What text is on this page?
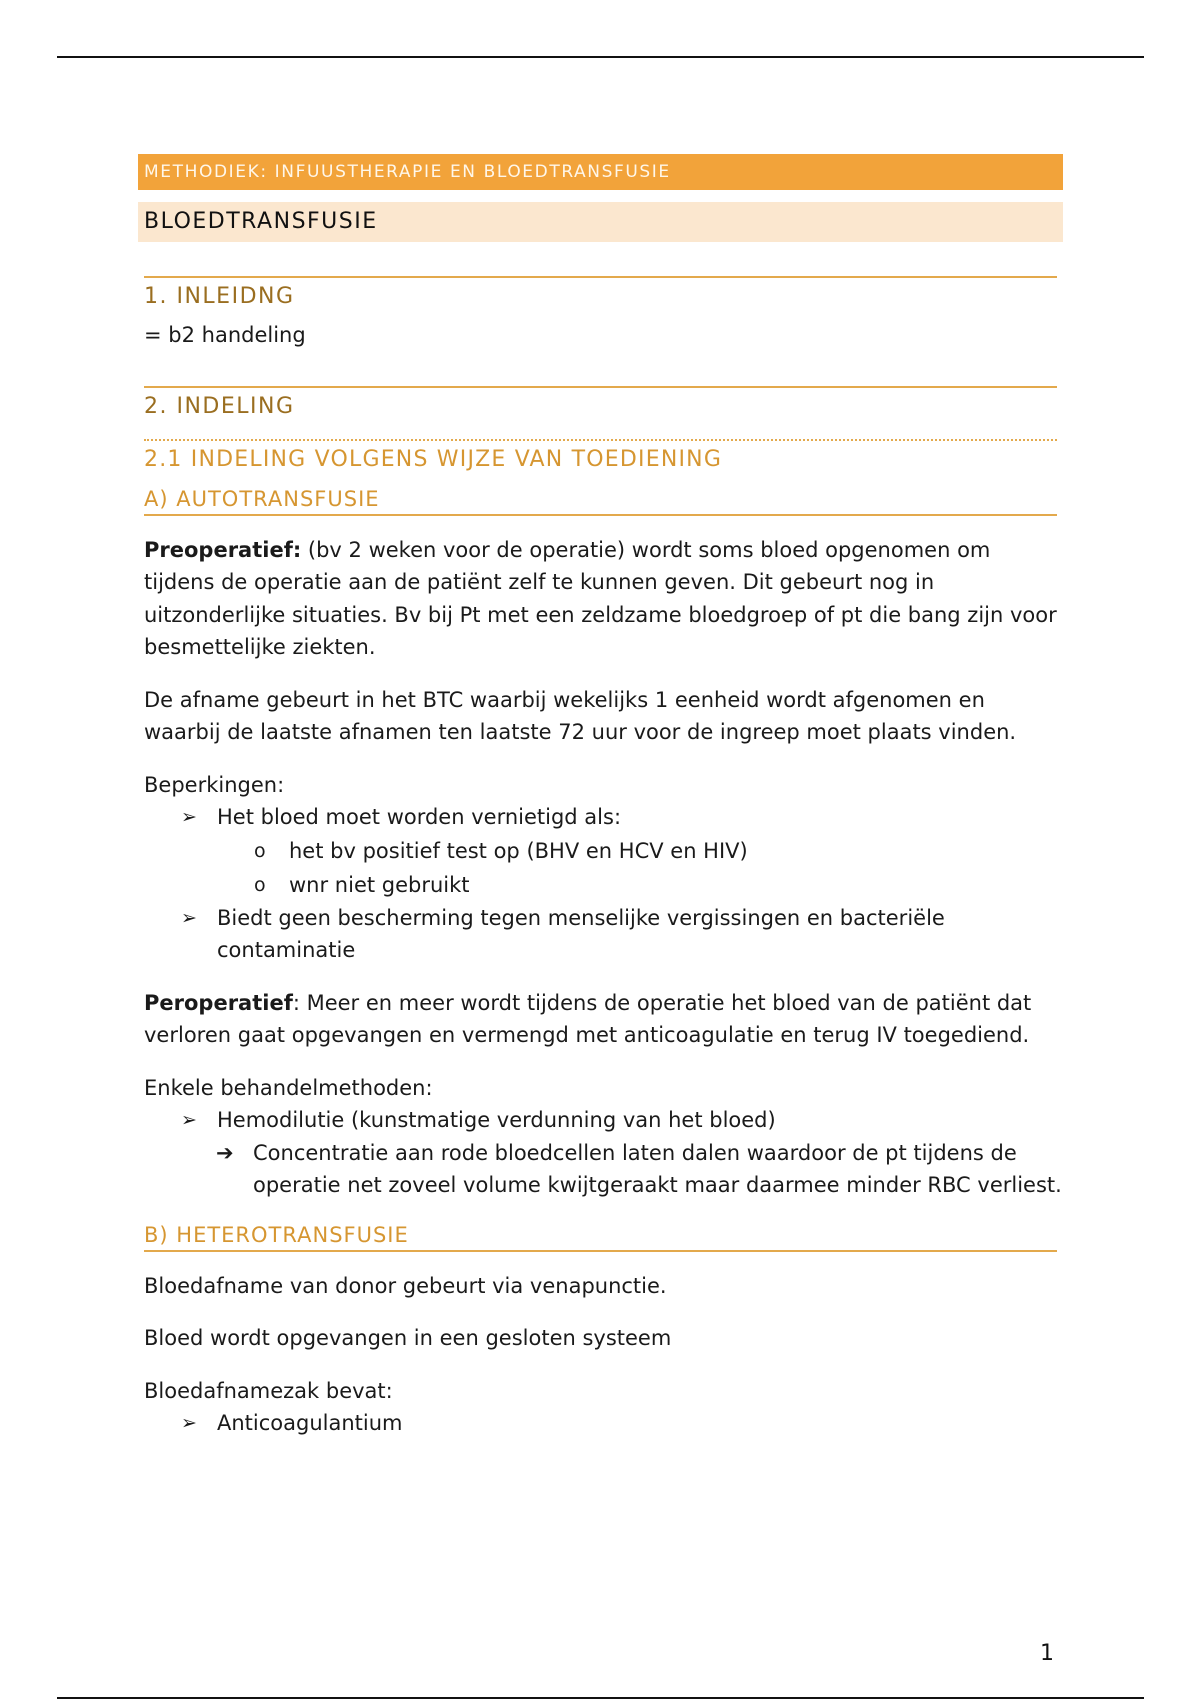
METHODIEK: INFUUSTHERAPIE EN BLOEDTRANSFUSIE
BLOEDTRANSFUSIE
1. INLEIDNG

= b2 handeling

2. INDELING
2.1 INDELING VOLGENS WIJZE VAN TOEDIENING
A) AUTOTRANSFUSIE

Preoperatief: (bv 2 weken voor de operatie) wordt soms bloed opgenomen om tijdens de operatie aan de patiënt zelf te kunnen geven. Dit gebeurt nog in uitzonderlijke situaties. Bv bij Pt met een zeldzame bloedgroep of pt die bang zijn voor besmettelijke ziekten.

De afname gebeurt in het BTC waarbij wekelijks 1 eenheid wordt afgenomen en waarbij de laatste afnamen ten laatste 72 uur voor de ingreep moet plaats vinden.

Beperkingen:

➢ Het bloed moet worden vernietigd als:
o het bv positief test op (BHV en HCV en HIV)
o wnr niet gebruikt
➢ Biedt geen bescherming tegen menselijke vergissingen en bacteriële contaminatie

Peroperatief: Meer en meer wordt tijdens de operatie het bloed van de patiënt dat verloren gaat opgevangen en vermengd met anticoagulatie en terug IV toegediend.

Enkele behandelmethoden:

➢ Hemodilutie (kunstmatige verdunning van het bloed)
➔ Concentratie aan rode bloedcellen laten dalen waardoor de pt tijdens de operatie net zoveel volume kwijtgeraakt maar daarmee minder RBC verliest.
B) HETEROTRANSFUSIE

Bloedafname van donor gebeurt via venapunctie.

Bloed wordt opgevangen in een gesloten systeem

Bloedafnamezak bevat:

➢ Anticoagulantium
1
